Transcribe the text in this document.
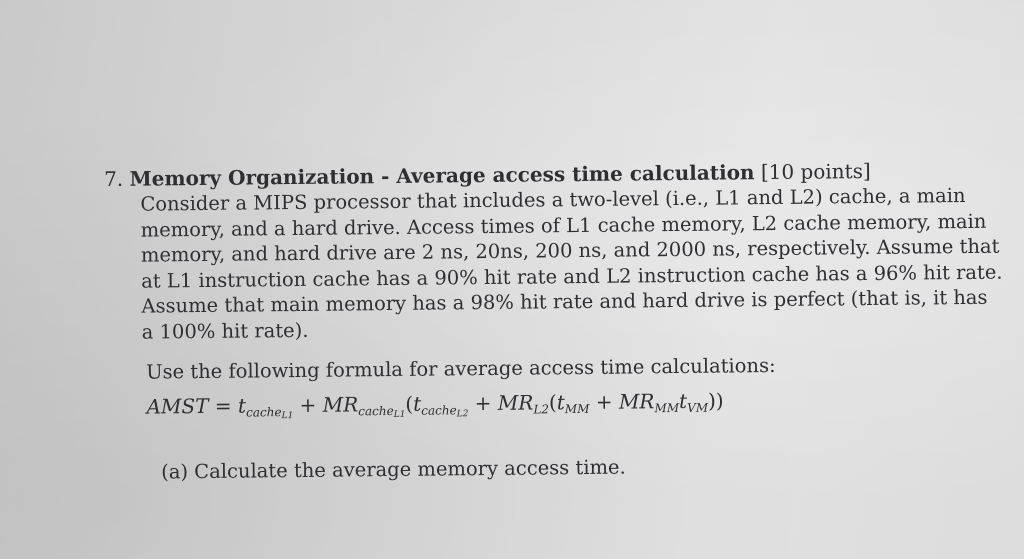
7. Memory Organization - Average access time calculation [10 points]
Consider a MIPS processor that includes a two-level (i.e., L1 and L2) cache, a main
memory, and a hard drive. Access times of L1 cache memory, L2 cache memory, main
memory, and hard drive are 2 ns, 20ns, 200 ns, and 2000 ns, respectively. Assume that
at L1 instruction cache has a 90% hit rate and L2 instruction cache has a 96% hit rate.
Assume that main memory has a 98% hit rate and hard drive is perfect (that is, it has
a 100% hit rate).
Use the following formula for average access time calculations:
AMST = $t_{cache_{L1}} + MR_{cache_{L1}}(t_{cache_{L2}} + MR_{L2}(t_{MM} + MR_{MM}t_{VM}))$
(a) Calculate the average memory access time.
